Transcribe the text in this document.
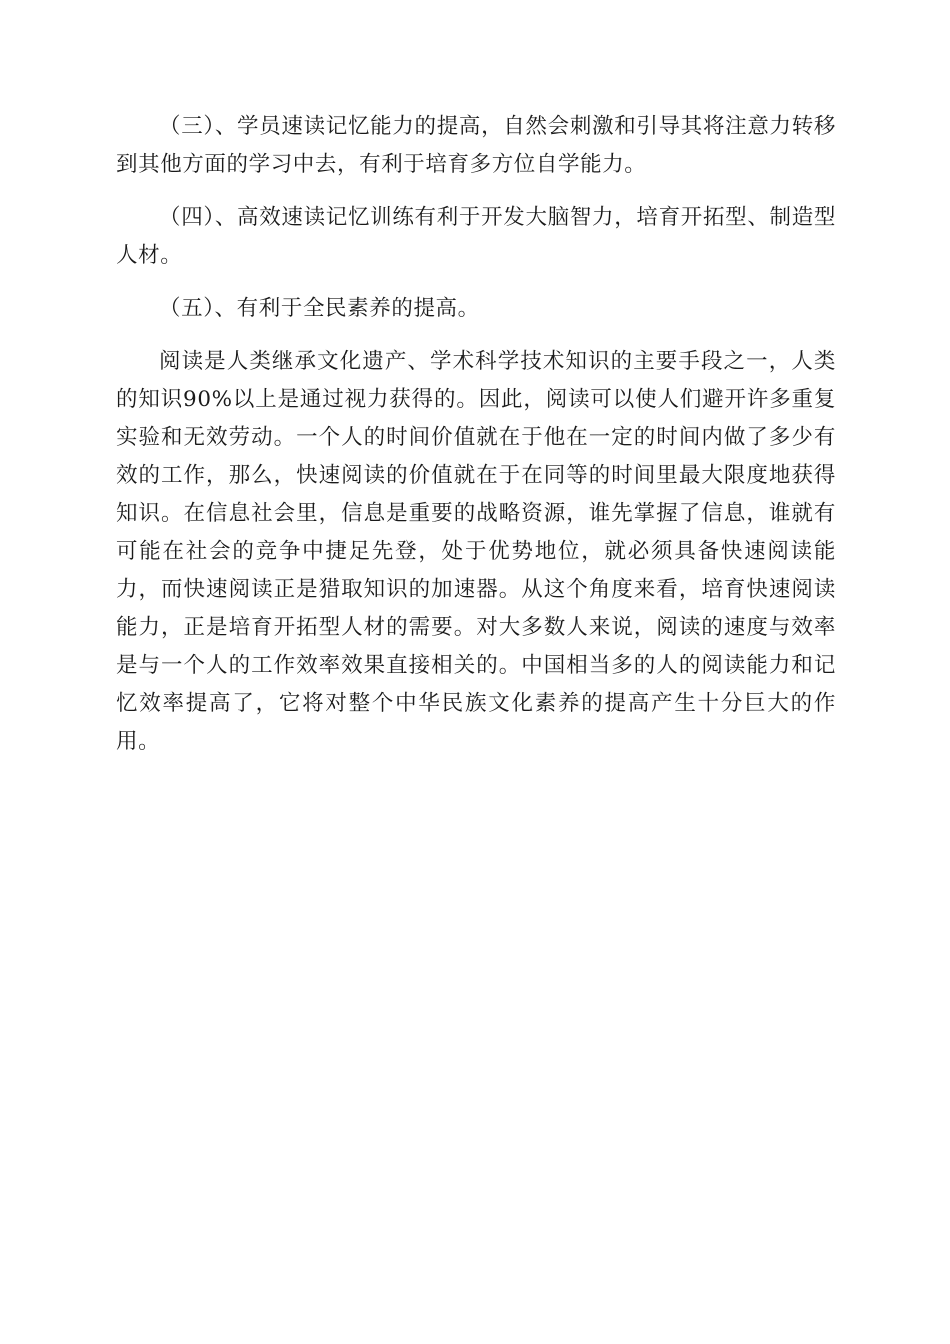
（三）、学员速读记忆能力的提高，自然会刺激和引导其将注意力转移到其他方面的学习中去，有利于培育多方位自学能力。

（四）、高效速读记忆训练有利于开发大脑智力，培育开拓型、制造型人材。

（五）、有利于全民素养的提高。

阅读是人类继承文化遗产、学术科学技术知识的主要手段之一，人类的知识90%以上是通过视力获得的。因此，阅读可以使人们避开许多重复实验和无效劳动。一个人的时间价值就在于他在一定的时间内做了多少有效的工作，那么，快速阅读的价值就在于在同等的时间里最大限度地获得知识。在信息社会里，信息是重要的战略资源，谁先掌握了信息，谁就有可能在社会的竞争中捷足先登，处于优势地位，就必须具备快速阅读能力，而快速阅读正是猎取知识的加速器。从这个角度来看，培育快速阅读能力，正是培育开拓型人材的需要。对大多数人来说，阅读的速度与效率是与一个人的工作效率效果直接相关的。中国相当多的人的阅读能力和记忆效率提高了，它将对整个中华民族文化素养的提高产生十分巨大的作用。
